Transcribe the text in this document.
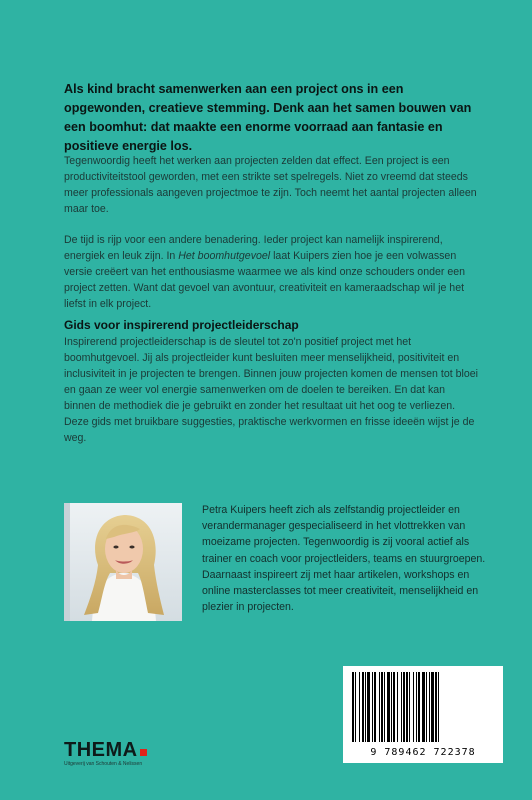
Als kind bracht samenwerken aan een project ons in een opgewonden, creatieve stemming. Denk aan het samen bouwen van een boomhut: dat maakte een enorme voorraad aan fantasie en positieve energie los.
Tegenwoordig heeft het werken aan projecten zelden dat effect. Een project is een productiviteitstool geworden, met een strikte set spelregels. Niet zo vreemd dat steeds meer professionals aangeven projectmoe te zijn. Toch neemt het aantal projecten alleen maar toe.
De tijd is rijp voor een andere benadering. Ieder project kan namelijk inspirerend, energiek en leuk zijn. In Het boomhutgevoel laat Kuipers zien hoe je een volwassen versie creëert van het enthousiasme waarmee we als kind onze schouders onder een project zetten. Want dat gevoel van avontuur, creativiteit en kameraadschap wil je het liefst in elk project.
Gids voor inspirerend projectleiderschap
Inspirerend projectleiderschap is de sleutel tot zo'n positief project met het boomhutgevoel. Jij als projectleider kunt besluiten meer menselijkheid, positiviteit en inclusiviteit in je projecten te brengen. Binnen jouw projecten komen de mensen tot bloei en gaan ze weer vol energie samenwerken om de doelen te bereiken. En dat kan binnen de methodiek die je gebruikt en zonder het resultaat uit het oog te verliezen. Deze gids met bruikbare suggesties, praktische werkvormen en frisse ideeën wijst je de weg.
Petra Kuipers heeft zich als zelfstandig projectleider en verandermanager gespecialiseerd in het vlottrekken van moeizame projecten. Tegenwoordig is zij vooral actief als trainer en coach voor projectleiders, teams en stuurgroepen. Daarnaast inspireert zij met haar artikelen, workshops en online masterclasses tot meer creativiteit, menselijkheid en plezier in projecten.
9 789462 722378
THEMA
Uitgeverij van Schouten & Nelissen
